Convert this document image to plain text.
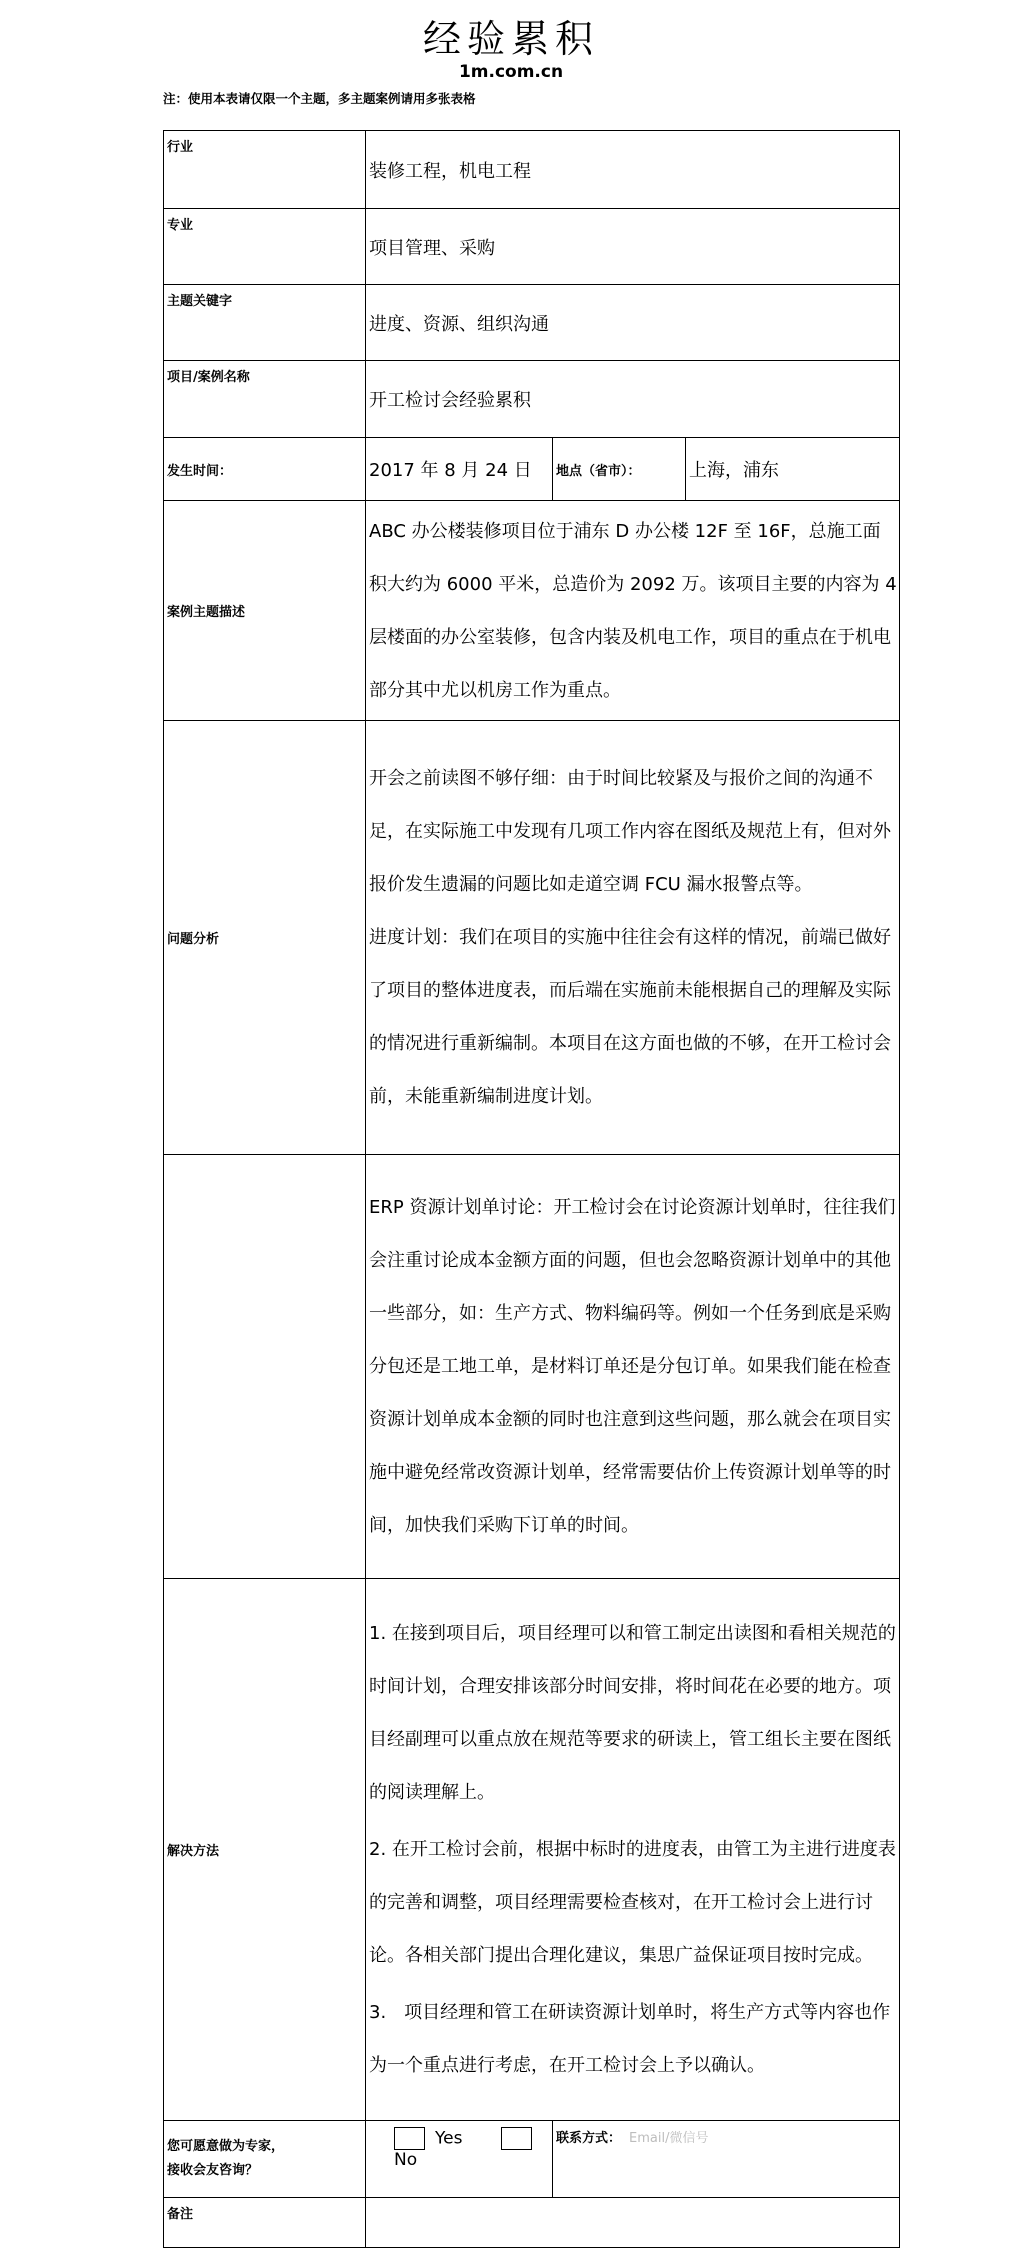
经验累积
1m.com.cn
注：使用本表请仅限一个主题，多主题案例请用多张表格
行业	装修工程，机电工程		
专业	项目管理、采购		
主题关键字	进度、资源、组织沟通		
项目/案例名称	开工检讨会经验累积		
发生时间：	2017 年 8 月 24 日	地点（省市）：	上海，浦东
案例主题描述	ABC 办公楼装修项目位于浦东 D 办公楼 12F 至 16F，总施工面积大约为 6000 平米，总造价为 2092 万。该项目主要的内容为 4 层楼面的办公室装修，包含内装及机电工作，项目的重点在于机电部分其中尤以机房工作为重点。		

问题分析	开会之前读图不够仔细：由于时间比较紧及与报价之间的沟通不足，在实际施工中发现有几项工作内容在图纸及规范上有，但对外报价发生遗漏的问题比如走道空调 FCU 漏水报警点等。

进度计划：我们在项目的实施中往往会有这样的情况，前端已做好了项目的整体进度表，而后端在实施前未能根据自己的理解及实际的情况进行重新编制。本项目在这方面也做的不够，在开工检讨会前，未能重新编制进度计划。		

	ERP 资源计划单讨论：开工检讨会在讨论资源计划单时，往往我们会注重讨论成本金额方面的问题，但也会忽略资源计划单中的其他一些部分，如：生产方式、物料编码等。例如一个任务到底是采购分包还是工地工单，是材料订单还是分包订单。如果我们能在检查资源计划单成本金额的同时也注意到这些问题，那么就会在项目实施中避免经常改资源计划单，经常需要估价上传资源计划单等的时间，加快我们采购下订单的时间。		

解决方法	1. 在接到项目后，项目经理可以和管工制定出读图和看相关规范的时间计划，合理安排该部分时间安排，将时间花在必要的地方。项目经副理可以重点放在规范等要求的研读上，管工组长主要在图纸的阅读理解上。

2. 在开工检讨会前，根据中标时的进度表，由管工为主进行进度表的完善和调整，项目经理需要检查核对，在开工检讨会上进行讨论。各相关部门提出合理化建议，集思广益保证项目按时完成。

3.　项目经理和管工在研读资源计划单时，将生产方式等内容也作为一个重点进行考虑，在开工检讨会上予以确认。		

您可愿意做为专家，
接收会友咨询？	Yes  No	联系方式： Email/微信号	
备注			
